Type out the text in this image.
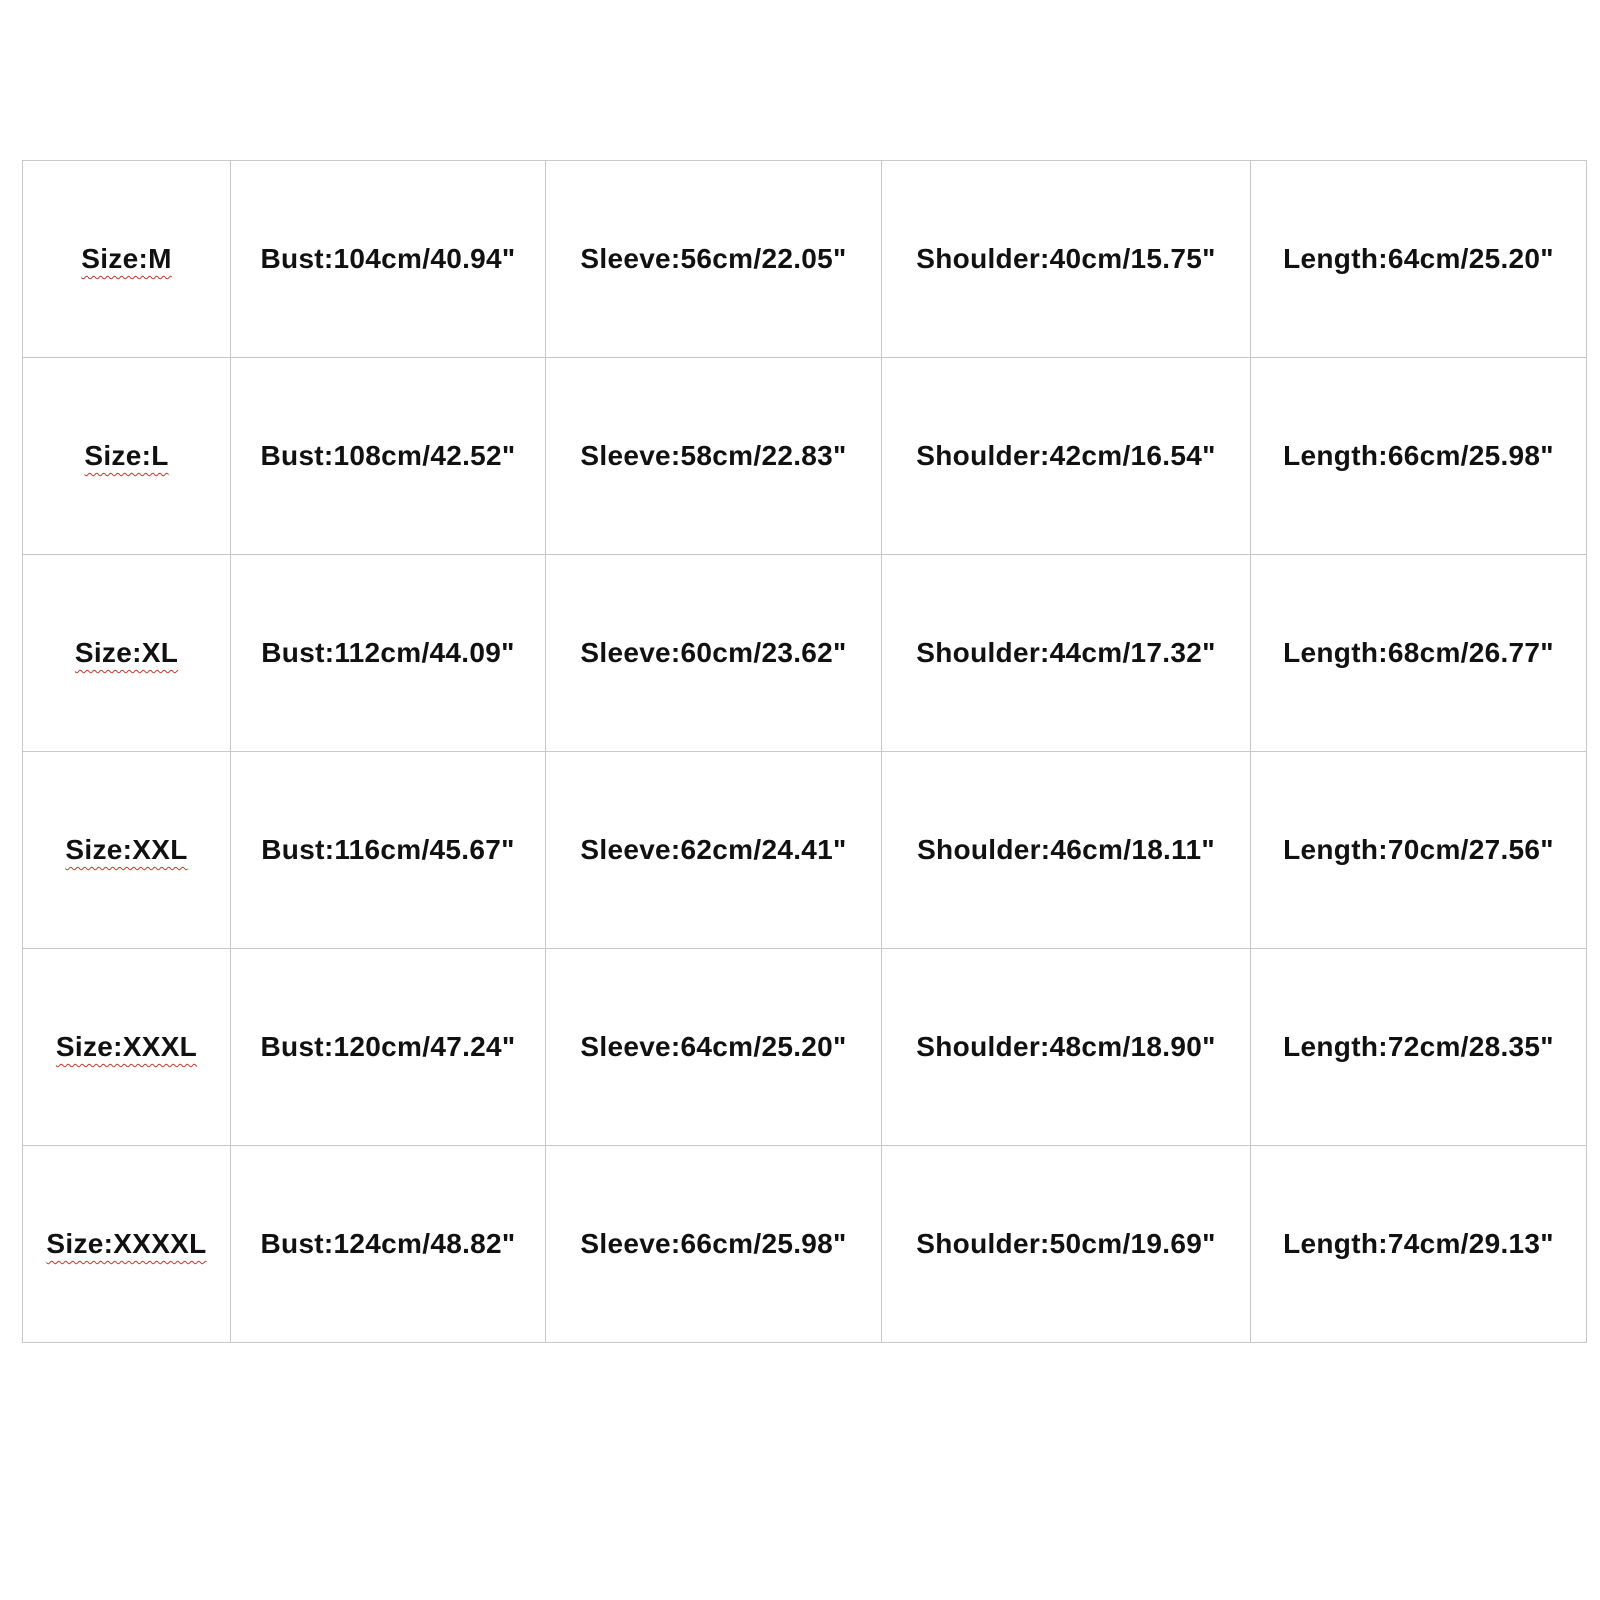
Size:M	Bust:104cm/40.94"	Sleeve:56cm/22.05"	Shoulder:40cm/15.75"	Length:64cm/25.20"
Size:L	Bust:108cm/42.52"	Sleeve:58cm/22.83"	Shoulder:42cm/16.54"	Length:66cm/25.98"
Size:XL	Bust:112cm/44.09"	Sleeve:60cm/23.62"	Shoulder:44cm/17.32"	Length:68cm/26.77"
Size:XXL	Bust:116cm/45.67"	Sleeve:62cm/24.41"	Shoulder:46cm/18.11"	Length:70cm/27.56"
Size:XXXL	Bust:120cm/47.24"	Sleeve:64cm/25.20"	Shoulder:48cm/18.90"	Length:72cm/28.35"
Size:XXXXL	Bust:124cm/48.82"	Sleeve:66cm/25.98"	Shoulder:50cm/19.69"	Length:74cm/29.13"
